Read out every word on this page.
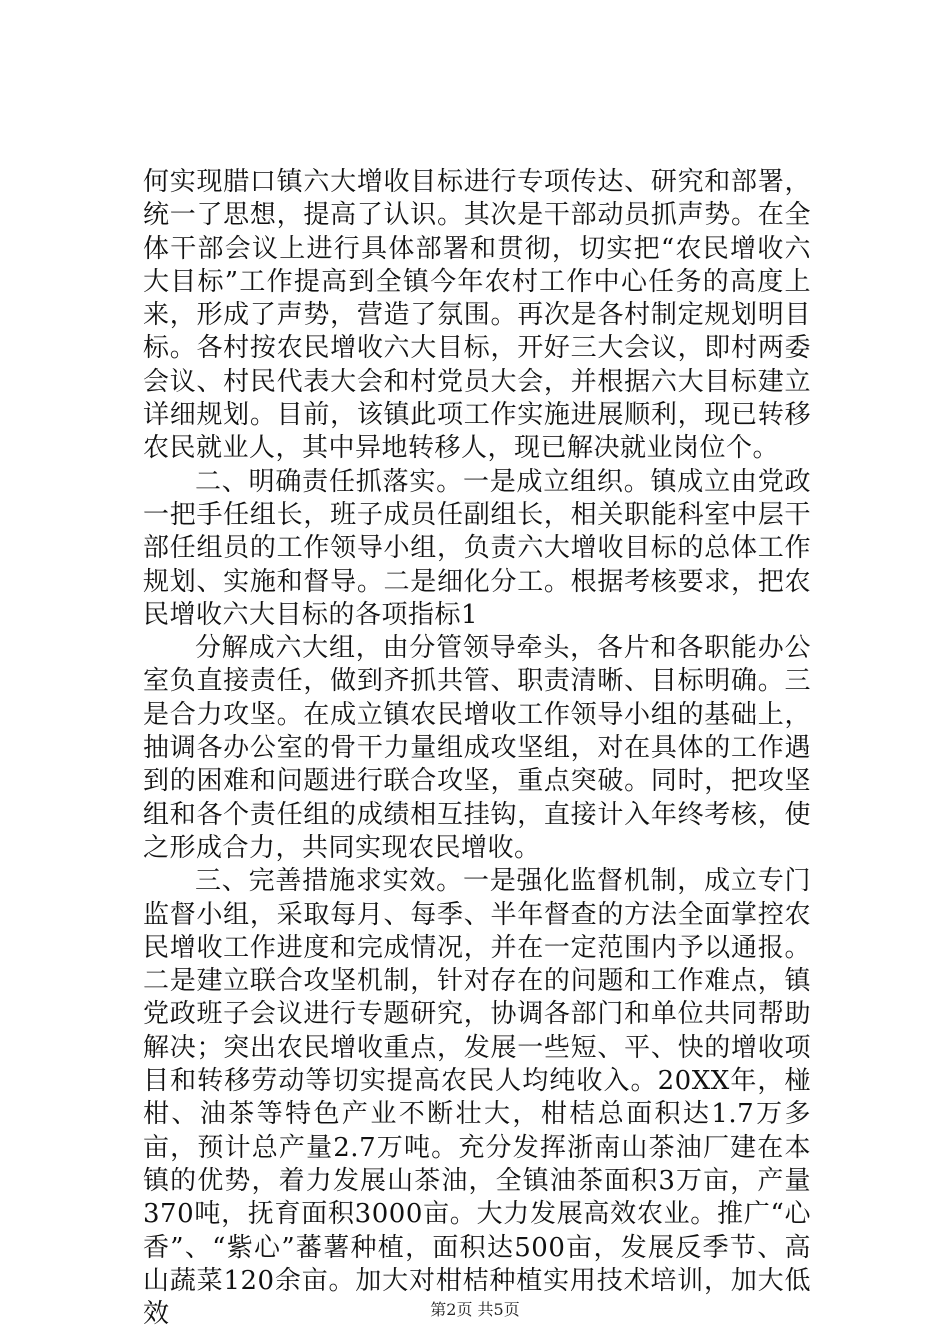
何实现腊口镇六大增收目标进行专项传达、研究和部署，统一了思想，提高了认识。其次是干部动员抓声势。在全体干部会议上进行具体部署和贯彻，切实把“农民增收六大目标”工作提高到全镇今年农村工作中心任务的高度上来，形成了声势，营造了氛围。再次是各村制定规划明目标。各村按农民增收六大目标，开好三大会议，即村两委会议、村民代表大会和村党员大会，并根据六大目标建立详细规划。目前，该镇此项工作实施进展顺利，现已转移农民就业人，其中异地转移人，现已解决就业岗位个。

二、明确责任抓落实。一是成立组织。镇成立由党政一把手任组长，班子成员任副组长，相关职能科室中层干部任组员的工作领导小组，负责六大增收目标的总体工作规划、实施和督导。二是细化分工。根据考核要求，把农民增收六大目标的各项指标1

分解成六大组，由分管领导牵头，各片和各职能办公室负直接责任，做到齐抓共管、职责清晰、目标明确。三是合力攻坚。在成立镇农民增收工作领导小组的基础上，抽调各办公室的骨干力量组成攻坚组，对在具体的工作遇到的困难和问题进行联合攻坚，重点突破。同时，把攻坚组和各个责任组的成绩相互挂钩，直接计入年终考核，使之形成合力，共同实现农民增收。

三、完善措施求实效。一是强化监督机制，成立专门监督小组，采取每月、每季、半年督查的方法全面掌控农民增收工作进度和完成情况，并在一定范围内予以通报。二是建立联合攻坚机制，针对存在的问题和工作难点，镇党政班子会议进行专题研究，协调各部门和单位共同帮助解决；突出农民增收重点，发展一些短、平、快的增收项目和转移劳动等切实提高农民人均纯收入。20XX年，椪柑、油茶等特色产业不断壮大，柑桔总面积达1.7万多亩，预计总产量2.7万吨。充分发挥浙南山茶油厂建在本镇的优势，着力发展山茶油，全镇油茶面积3万亩，产量370吨，抚育面积3000亩。大力发展高效农业。推广“心香”、“紫心”蕃薯种植，面积达500亩，发展反季节、高山蔬菜120余亩。加大对柑桔种植实用技术培训，加大低效	第2页 共5页
